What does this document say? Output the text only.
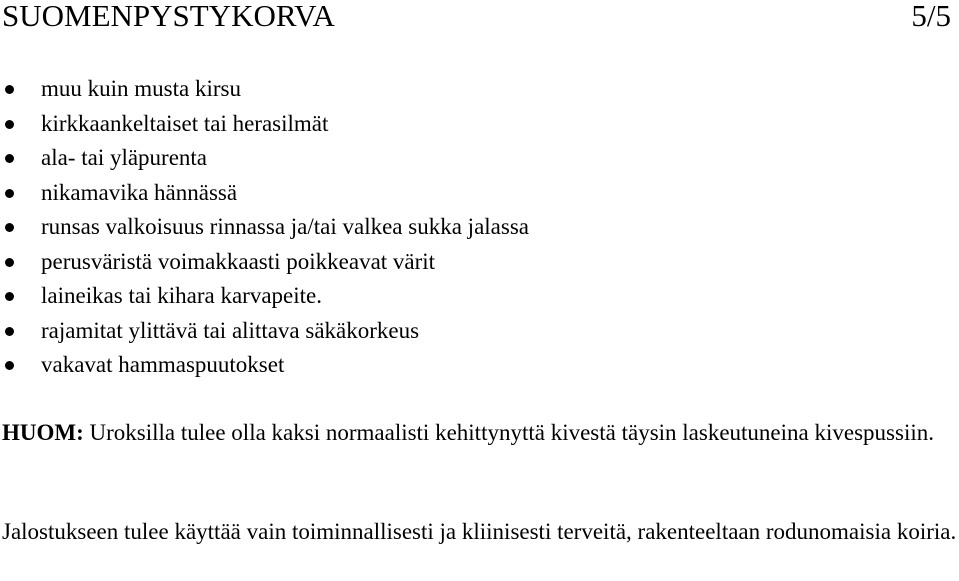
SUOMENPYSTYKORVA	5/5
muu kuin musta kirsu
kirkkaankeltaiset tai herasilmät
ala- tai yläpurenta
nikamavika hännässä
runsas valkoisuus rinnassa ja/tai valkea sukka jalassa
perusväristä voimakkaasti poikkeavat värit
laineikas tai kihara karvapeite.
rajamitat ylittävä tai alittava säkäkorkeus
vakavat hammaspuutokset

HUOM: Uroksilla tulee olla kaksi normaalisti kehittynyttä kivestä täysin laskeutuneina kivespussiin.

Jalostukseen tulee käyttää vain toiminnallisesti ja kliinisesti terveitä, rakenteeltaan rodunomaisia koiria.
